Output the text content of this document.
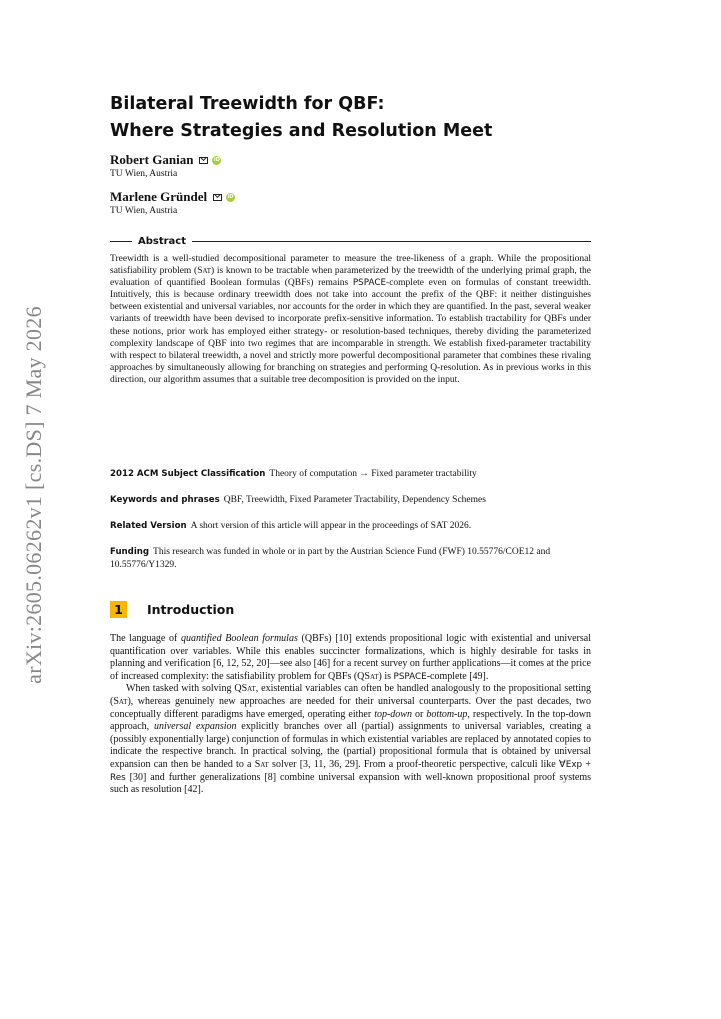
arXiv:2605.06262v1 [cs.DS] 7 May 2026
Bilateral Treewidth for QBF:
Where Strategies and Resolution Meet
Robert Ganian	iD
TU Wien, Austria
Marlene Gründel	iD
TU Wien, Austria
Abstract
Treewidth is a well-studied decompositional parameter to measure the tree-likeness of a graph. While the propositional satisfiability problem (Sat) is known to be tractable when parameterized by the treewidth of the underlying primal graph, the evaluation of quantified Boolean formulas (QBFs) remains PSPACE-complete even on formulas of constant treewidth. Intuitively, this is because ordinary treewidth does not take into account the prefix of the QBF: it neither distinguishes between existential and universal variables, nor accounts for the order in which they are quantified. In the past, several weaker variants of treewidth have been devised to incorporate prefix-sensitive information. To establish tractability for QBFs under these notions, prior work has employed either strategy- or resolution-based techniques, thereby dividing the parameterized complexity landscape of QBF into two regimes that are incomparable in strength. We establish fixed-parameter tractability with respect to bilateral treewidth, a novel and strictly more powerful decompositional parameter that combines these rivaling approaches by simultaneously allowing for branching on strategies and performing Q-resolution. As in previous works in this direction, our algorithm assumes that a suitable tree decomposition is provided on the input.
2012 ACM Subject Classification Theory of computation → Fixed parameter tractability
Keywords and phrases QBF, Treewidth, Fixed Parameter Tractability, Dependency Schemes
Related Version A short version of this article will appear in the proceedings of SAT 2026.
Funding This research was funded in whole or in part by the Austrian Science Fund (FWF) 10.55776/COE12 and 10.55776/Y1329.
1	Introduction

The language of quantified Boolean formulas (QBFs) [10] extends propositional logic with existential and universal quantification over variables. While this enables succincter formalizations, which is highly desirable for tasks in planning and verification [6, 12, 52, 20]—see also [46] for a recent survey on further applications—it comes at the price of increased complexity: the satisfiability problem for QBFs (QSat) is PSPACE-complete [49].

When tasked with solving QSat, existential variables can often be handled analogously to the propositional setting (Sat), whereas genuinely new approaches are needed for their universal counterparts. Over the past decades, two conceptually different paradigms have emerged, operating either top-down or bottom-up, respectively. In the top-down approach, universal expansion explicitly branches over all (partial) assignments to universal variables, creating a (possibly exponentially large) conjunction of formulas in which existential variables are replaced by annotated copies to indicate the respective branch. In practical solving, the (partial) propositional formula that is obtained by universal expansion can then be handed to a Sat solver [3, 11, 36, 29]. From a proof-theoretic perspective, calculi like ∀Exp + Res [30] and further generalizations [8] combine universal expansion with well-known propositional proof systems such as resolution [42].
